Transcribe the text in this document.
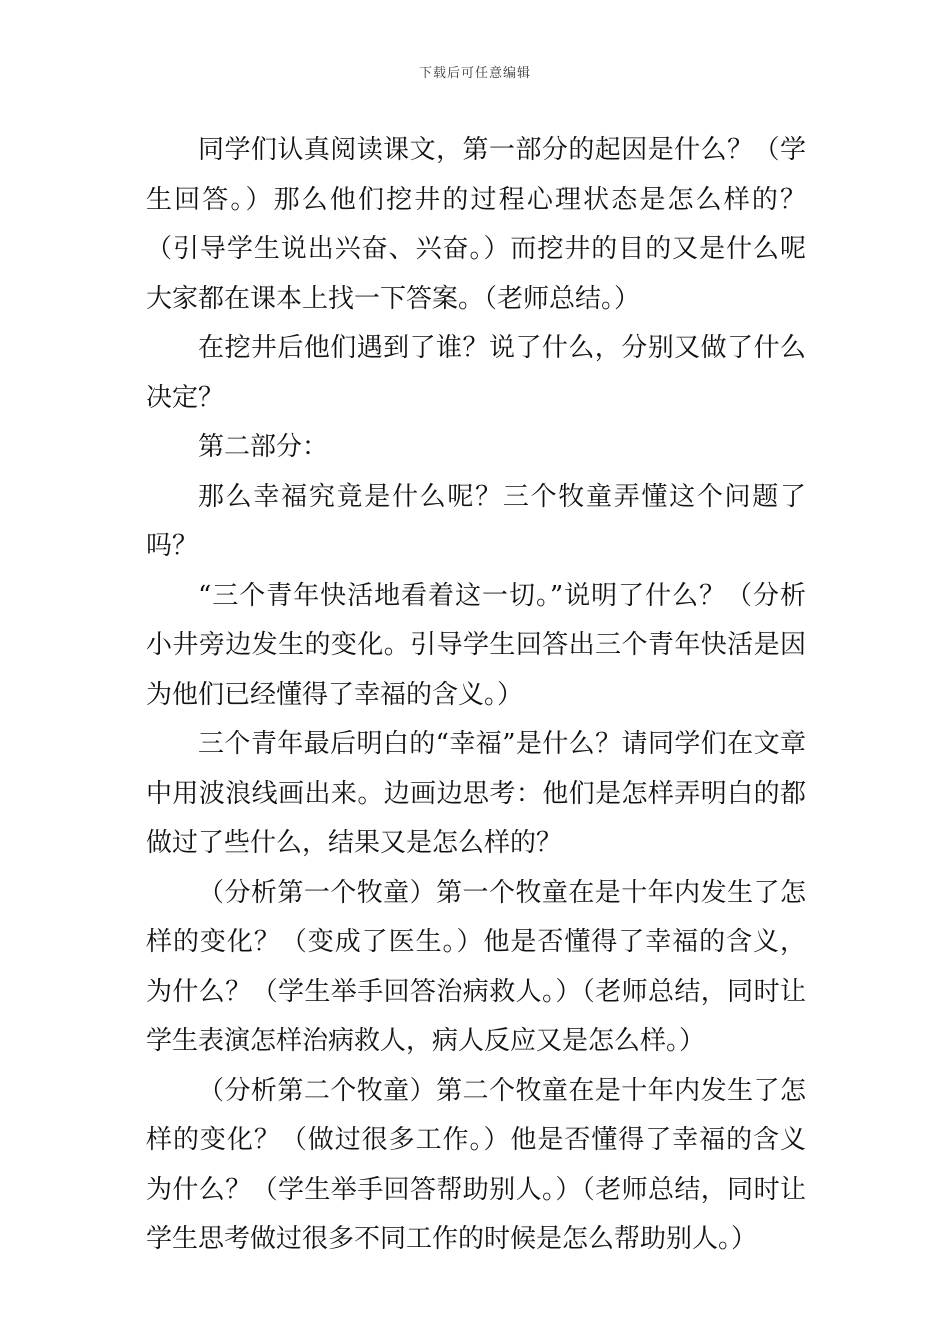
下载后可任意编辑

同学们认真阅读课文，第一部分的起因是什么？（学生回答。）那么他们挖井的过程心理状态是怎么样的？（引导学生说出兴奋、兴奋。）而挖井的目的又是什么呢大家都在课本上找一下答案。（老师总结。）

在挖井后他们遇到了谁？说了什么，分别又做了什么决定？

第二部分：

那么幸福究竟是什么呢？三个牧童弄懂这个问题了吗？

“三个青年快活地看着这一切。”说明了什么？（分析小井旁边发生的变化。引导学生回答出三个青年快活是因为他们已经懂得了幸福的含义。）

三个青年最后明白的“幸福”是什么？请同学们在文章中用波浪线画出来。边画边思考：他们是怎样弄明白的都做过了些什么，结果又是怎么样的？

（分析第一个牧童）第一个牧童在是十年内发生了怎样的变化？（变成了医生。）他是否懂得了幸福的含义，为什么？（学生举手回答治病救人。）（老师总结，同时让学生表演怎样治病救人，病人反应又是怎么样。）

（分析第二个牧童）第二个牧童在是十年内发生了怎样的变化？（做过很多工作。）他是否懂得了幸福的含义为什么？（学生举手回答帮助别人。）（老师总结，同时让学生思考做过很多不同工作的时候是怎么帮助别人。）
